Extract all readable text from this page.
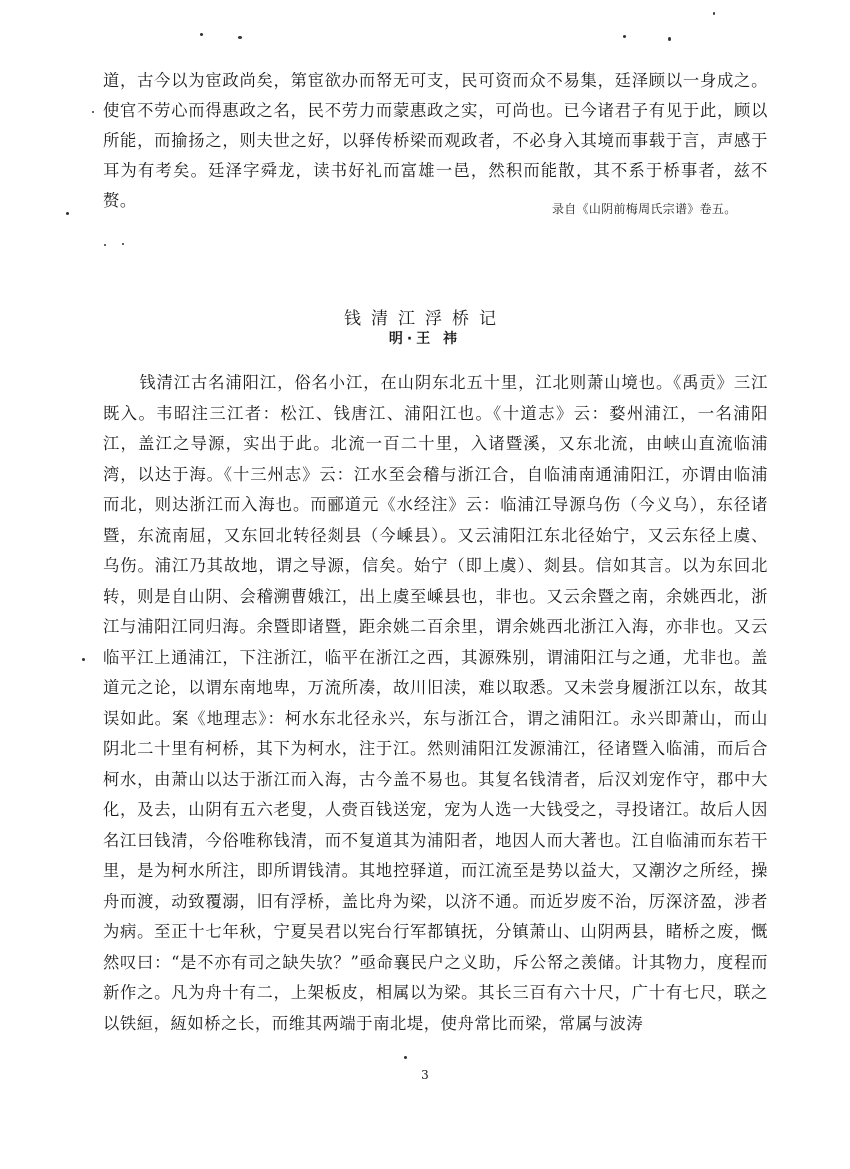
道，古今以为宦政尚矣，第宦欲办而帑无可支，民可资而众不易集，廷泽顾以一身成之。使官不劳心而得惠政之名，民不劳力而蒙惠政之实，可尚也。已今诸君子有见于此，顾以所能，而揄扬之，则夫世之好，以驿传桥梁而观政者，不必身入其境而事载于言，声感于耳为有考矣。廷泽字舜龙，读书好礼而富雄一邑，然积而能散，其不系于桥事者，兹不赘。	录自《山阴前梅周氏宗谱》卷五。
钱清江浮桥记
明·王 祎

钱清江古名浦阳江，俗名小江，在山阴东北五十里，江北则萧山境也。《禹贡》三江既入。韦昭注三江者：松江、钱唐江、浦阳江也。《十道志》云：婺州浦江，一名浦阳江，盖江之导源，实出于此。北流一百二十里，入诸暨溪，又东北流，由峡山直流临浦湾，以达于海。《十三州志》云：江水至会稽与浙江合，自临浦南通浦阳江，亦谓由临浦而北，则达浙江而入海也。而郦道元《水经注》云：临浦江导源乌伤（今义乌），东径诸暨，东流南屈，又东回北转径剡县（今嵊县）。又云浦阳江东北径始宁，又云东径上虞、乌伤。浦江乃其故地，谓之导源，信矣。始宁（即上虞）、剡县。信如其言。以为东回北转，则是自山阴、会稽溯曹娥江，出上虞至嵊县也，非也。又云余暨之南，余姚西北，浙江与浦阳江同归海。余暨即诸暨，距余姚二百余里，谓余姚西北浙江入海，亦非也。又云临平江上通浦江，下注浙江，临平在浙江之西，其源殊别，谓浦阳江与之通，尤非也。盖道元之论，以谓东南地卑，万流所凑，故川旧渎，难以取悉。又未尝身履浙江以东，故其误如此。案《地理志》：柯水东北径永兴，东与浙江合，谓之浦阳江。永兴即萧山，而山阴北二十里有柯桥，其下为柯水，注于江。然则浦阳江发源浦江，径诸暨入临浦，而后合柯水，由萧山以达于浙江而入海，古今盖不易也。其复名钱清者，后汉刘宠作守，郡中大化，及去，山阴有五六老叟，人赍百钱送宠，宠为人选一大钱受之，寻投诸江。故后人因名江曰钱清，今俗唯称钱清，而不复道其为浦阳者，地因人而大著也。江自临浦而东若干里，是为柯水所注，即所谓钱清。其地控驿道，而江流至是势以益大，又潮汐之所经，操舟而渡，动致覆溺，旧有浮桥，盖比舟为梁，以济不通。而近岁废不治，厉深济盈，涉者为病。至正十七年秋，宁夏吴君以宪台行军都镇抚，分镇萧山、山阴两县，睹桥之废，慨然叹曰：“是不亦有司之缺失欤？”亟命襄民户之义助，斥公帑之羡储。计其物力，度程而新作之。凡为舟十有二，上架板皮，相属以为梁。其长三百有六十尺，广十有七尺，联之以铁絙，絚如桥之长，而维其两端于南北堤，使舟常比而梁，常属与波涛

3
